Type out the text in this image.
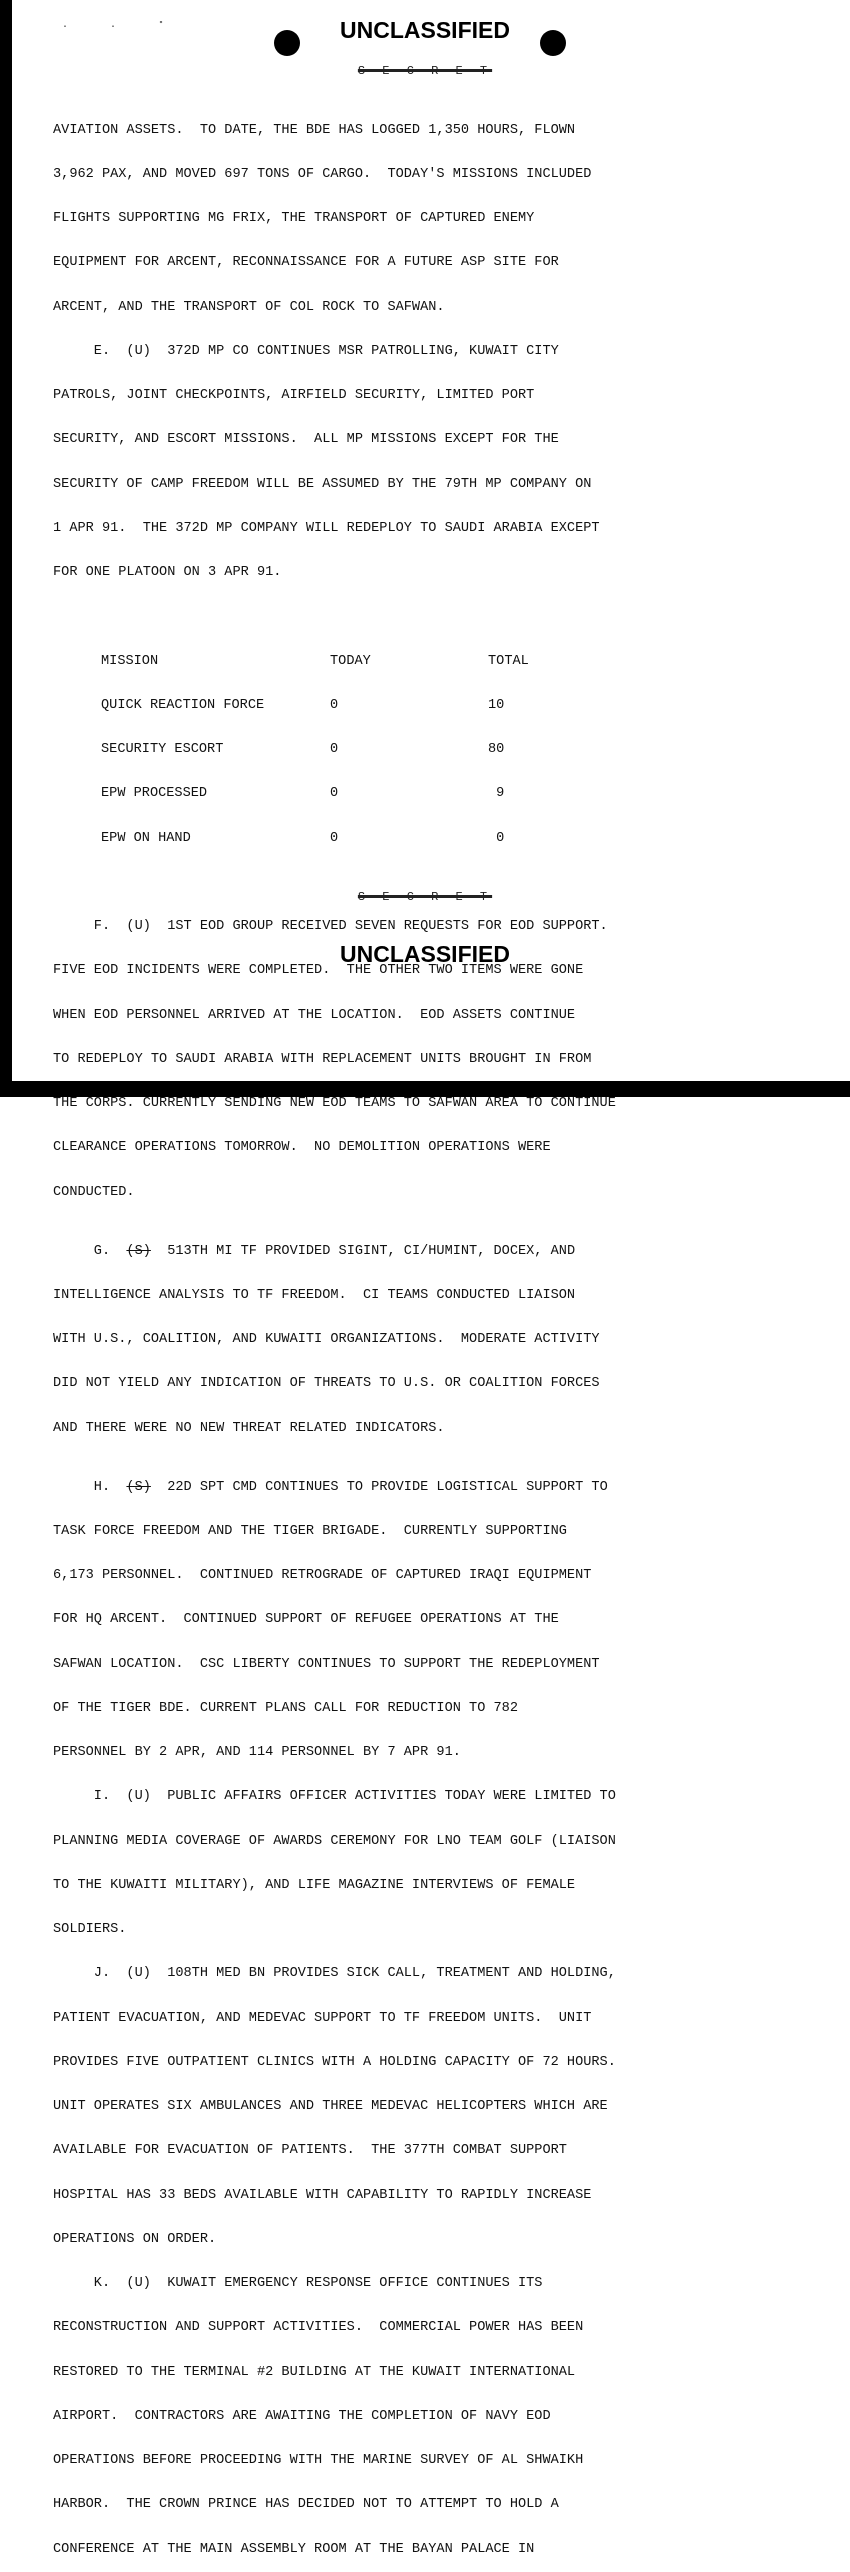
· · ˚	UNCLASSIFIED
S E C R E T

AVIATION ASSETS.  TO DATE, THE BDE HAS LOGGED 1,350 HOURS, FLOWN

3,962 PAX, AND MOVED 697 TONS OF CARGO.  TODAY'S MISSIONS INCLUDED

FLIGHTS SUPPORTING MG FRIX, THE TRANSPORT OF CAPTURED ENEMY

EQUIPMENT FOR ARCENT, RECONNAISSANCE FOR A FUTURE ASP SITE FOR

ARCENT, AND THE TRANSPORT OF COL ROCK TO SAFWAN.

E.  (U)  372D MP CO CONTINUES MSR PATROLLING, KUWAIT CITY

PATROLS, JOINT CHECKPOINTS, AIRFIELD SECURITY, LIMITED PORT

SECURITY, AND ESCORT MISSIONS.  ALL MP MISSIONS EXCEPT FOR THE

SECURITY OF CAMP FREEDOM WILL BE ASSUMED BY THE 79TH MP COMPANY ON

1 APR 91.  THE 372D MP COMPANY WILL REDEPLOY TO SAUDI ARABIA EXCEPT

FOR ONE PLATOON ON 3 APR 91.

MISSION	TODAY	TOTAL

QUICK REACTION FORCE	0	10

SECURITY ESCORT	0	80

EPW PROCESSED	0	9

EPW ON HAND	0	0

F.  (U)  1ST EOD GROUP RECEIVED SEVEN REQUESTS FOR EOD SUPPORT.

FIVE EOD INCIDENTS WERE COMPLETED.  THE OTHER TWO ITEMS WERE GONE

WHEN EOD PERSONNEL ARRIVED AT THE LOCATION.  EOD ASSETS CONTINUE

TO REDEPLOY TO SAUDI ARABIA WITH REPLACEMENT UNITS BROUGHT IN FROM

THE CORPS. CURRENTLY SENDING NEW EOD TEAMS TO SAFWAN AREA TO CONTINUE

CLEARANCE OPERATIONS TOMORROW.  NO DEMOLITION OPERATIONS WERE

CONDUCTED.

G.  (S)  513TH MI TF PROVIDED SIGINT, CI/HUMINT, DOCEX, AND

INTELLIGENCE ANALYSIS TO TF FREEDOM.  CI TEAMS CONDUCTED LIAISON

WITH U.S., COALITION, AND KUWAITI ORGANIZATIONS.  MODERATE ACTIVITY

DID NOT YIELD ANY INDICATION OF THREATS TO U.S. OR COALITION FORCES

AND THERE WERE NO NEW THREAT RELATED INDICATORS.

H.  (S)  22D SPT CMD CONTINUES TO PROVIDE LOGISTICAL SUPPORT TO

TASK FORCE FREEDOM AND THE TIGER BRIGADE.  CURRENTLY SUPPORTING

6,173 PERSONNEL.  CONTINUED RETROGRADE OF CAPTURED IRAQI EQUIPMENT

FOR HQ ARCENT.  CONTINUED SUPPORT OF REFUGEE OPERATIONS AT THE

SAFWAN LOCATION.  CSC LIBERTY CONTINUES TO SUPPORT THE REDEPLOYMENT

OF THE TIGER BDE. CURRENT PLANS CALL FOR REDUCTION TO 782

PERSONNEL BY 2 APR, AND 114 PERSONNEL BY 7 APR 91.

I.  (U)  PUBLIC AFFAIRS OFFICER ACTIVITIES TODAY WERE LIMITED TO

PLANNING MEDIA COVERAGE OF AWARDS CEREMONY FOR LNO TEAM GOLF (LIAISON

TO THE KUWAITI MILITARY), AND LIFE MAGAZINE INTERVIEWS OF FEMALE

SOLDIERS.

J.  (U)  108TH MED BN PROVIDES SICK CALL, TREATMENT AND HOLDING,

PATIENT EVACUATION, AND MEDEVAC SUPPORT TO TF FREEDOM UNITS.  UNIT

PROVIDES FIVE OUTPATIENT CLINICS WITH A HOLDING CAPACITY OF 72 HOURS.

UNIT OPERATES SIX AMBULANCES AND THREE MEDEVAC HELICOPTERS WHICH ARE

AVAILABLE FOR EVACUATION OF PATIENTS.  THE 377TH COMBAT SUPPORT

HOSPITAL HAS 33 BEDS AVAILABLE WITH CAPABILITY TO RAPIDLY INCREASE

OPERATIONS ON ORDER.

K.  (U)  KUWAIT EMERGENCY RESPONSE OFFICE CONTINUES ITS

RECONSTRUCTION AND SUPPORT ACTIVITIES.  COMMERCIAL POWER HAS BEEN

RESTORED TO THE TERMINAL #2 BUILDING AT THE KUWAIT INTERNATIONAL

AIRPORT.  CONTRACTORS ARE AWAITING THE COMPLETION OF NAVY EOD

OPERATIONS BEFORE PROCEEDING WITH THE MARINE SURVEY OF AL SHWAIKH

HARBOR.  THE CROWN PRINCE HAS DECIDED NOT TO ATTEMPT TO HOLD A

CONFERENCE AT THE MAIN ASSEMBLY ROOM AT THE BAYAN PALACE IN

S E C R E T
UNCLASSIFIED
